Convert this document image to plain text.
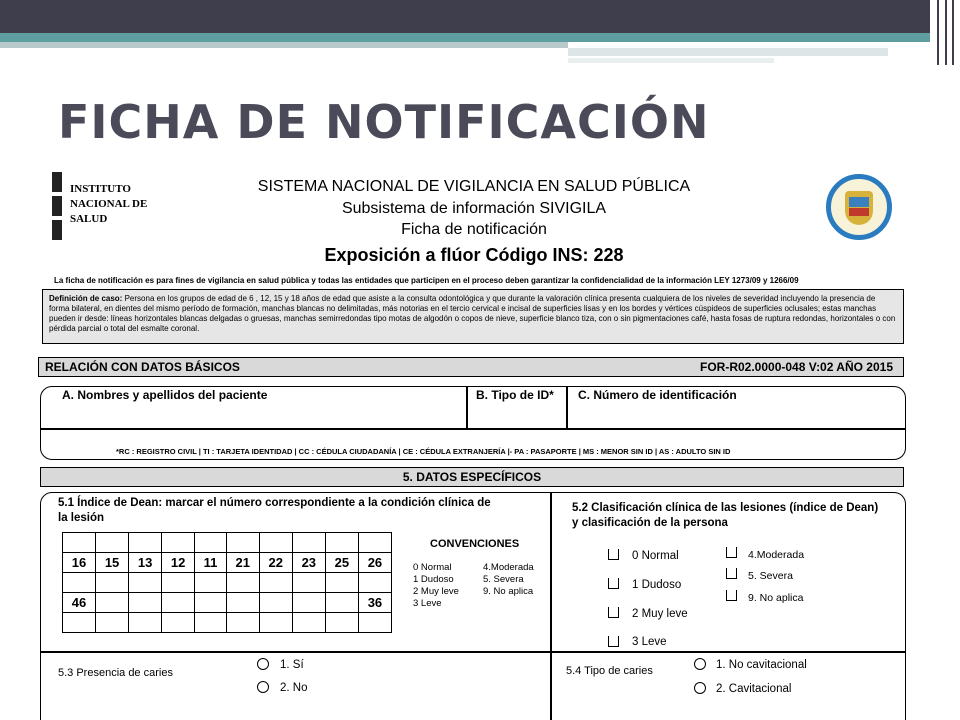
FICHA DE NOTIFICACIÓN
INSTITUTO
NACIONAL DE
SALUD
SISTEMA NACIONAL DE VIGILANCIA EN SALUD PÚBLICA
Subsistema de información SIVIGILA
Ficha de notificación
Exposición a flúor Código INS: 228
La ficha de notificación es para fines de vigilancia en salud pública y todas las entidades que participen en el proceso deben garantizar la confidencialidad de la información LEY 1273/09 y 1266/09
Definición de caso: Persona en los grupos de edad de 6 , 12, 15 y 18 años de edad que asiste a la consulta odontológica y que durante la valoración clínica presenta cualquiera de los niveles de severidad incluyendo la presencia de forma bilateral, en dientes del mismo período de formación, manchas blancas no delimitadas, más notorias en el tercio cervical e incisal de superficies lisas y en los bordes y vértices cúspideos de superficies oclusales; estas manchas pueden ir desde: líneas horizontales blancas delgadas o gruesas, manchas semirredondas tipo motas de algodón o copos de nieve, superficie blanco tiza, con o sin pigmentaciones café, hasta fosas de ruptura redondas, horizontales o con pérdida parcial o total del esmalte coronal.
RELACIÓN CON DATOS BÁSICOS	FOR-R02.0000-048 V:02 AÑO 2015
A. Nombres y apellidos del paciente	B. Tipo de ID* C. Número de identificación
*RC : REGISTRO CIVIL | TI : TARJETA IDENTIDAD | CC : CÉDULA CIUDADANÍA | CE : CÉDULA EXTRANJERÍA |- PA : PASAPORTE | MS : MENOR SIN ID | AS : ADULTO SIN ID
5. DATOS ESPECÍFICOS
5.1 Índice de Dean: marcar el número correspondiente a la condición clínica de
la lesión

16	15	13	12	11	21	22	23	25	26

46									36

CONVENCIONES
0 Normal
1 Dudoso
2 Muy leve
3 Leve
4.Moderada
5. Severa
9. No aplica
5.2 Clasificación clínica de las lesiones (índice de Dean)
y clasificación de la persona
0 Normal
1 Dudoso
2 Muy leve
3 Leve
4.Moderada
5. Severa
9. No aplica
5.3 Presencia de caries
1. Sí
2. No
5.4 Tipo de caries	1. No cavitacional
2. Cavitacional
